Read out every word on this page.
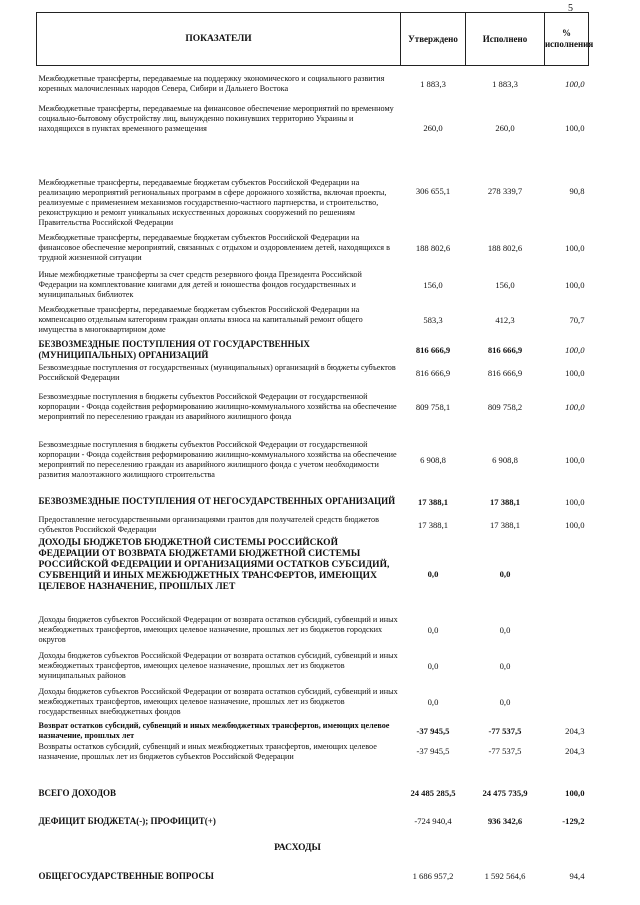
5
ПОКАЗАТЕЛИ	Утверждено	Исполнено	% исполнения
Межбюджетные трансферты, передаваемые на поддержку экономического и социального развития коренных малочисленных народов Севера, Сибири и Дальнего Востока	1 883,3	1 883,3	100,0
Межбюджетные трансферты, передаваемые на финансовое обеспечение мероприятий по временному социально-бытовому обустройству лиц, вынужденно покинувших территорию Украины и находящихся в пунктах временного размещения	260,0	260,0	100,0
Межбюджетные трансферты, передаваемые бюджетам субъектов Российской Федерации на реализацию мероприятий региональных программ в сфере дорожного хозяйства, включая проекты, реализуемые с применением механизмов государственно-частного партнерства, и строительство, реконструкцию и ремонт уникальных искусственных дорожных сооружений по решениям Правительства Российской Федерации	306 655,1	278 339,7	90,8
Межбюджетные трансферты, передаваемые бюджетам субъектов Российской Федерации на финансовое обеспечение мероприятий, связанных с отдыхом и оздоровлением детей, находящихся в трудной жизненной ситуации	188 802,6	188 802,6	100,0
Иные межбюджетные трансферты за счет средств резервного фонда Президента Российской Федерации на комплектование книгами для детей и юношества фондов государственных и муниципальных библиотек	156,0	156,0	100,0
Межбюджетные трансферты, передаваемые бюджетам субъектов Российской Федерации на компенсацию отдельным категориям граждан оплаты взноса на капитальный ремонт общего имущества в многоквартирном доме	583,3	412,3	70,7
БЕЗВОЗМЕЗДНЫЕ ПОСТУПЛЕНИЯ ОТ ГОСУДАРСТВЕННЫХ (МУНИЦИПАЛЬНЫХ) ОРГАНИЗАЦИЙ	816 666,9	816 666,9	100,0
Безвозмездные поступления от государственных (муниципальных) организаций в бюджеты субъектов Российской Федерации	816 666,9	816 666,9	100,0
Безвозмездные поступления в бюджеты субъектов Российской Федерации от государственной корпорации - Фонда содействия реформированию жилищно-коммунального хозяйства на обеспечение мероприятий по переселению граждан из аварийного жилищного фонда	809 758,1	809 758,2	100,0
Безвозмездные поступления в бюджеты субъектов Российской Федерации от государственной корпорации - Фонда содействия реформированию жилищно-коммунального хозяйства на обеспечение мероприятий по переселению граждан из аварийного жилищного фонда с учетом необходимости развития малоэтажного жилищного строительства	6 908,8	6 908,8	100,0
БЕЗВОЗМЕЗДНЫЕ ПОСТУПЛЕНИЯ ОТ НЕГОСУДАРСТВЕННЫХ ОРГАНИЗАЦИЙ	17 388,1	17 388,1	100,0
Предоставление негосударственными организациями грантов для получателей средств бюджетов субъектов Российской Федерации	17 388,1	17 388,1	100,0
ДОХОДЫ БЮДЖЕТОВ БЮДЖЕТНОЙ СИСТЕМЫ РОССИЙСКОЙ ФЕДЕРАЦИИ ОТ ВОЗВРАТА БЮДЖЕТАМИ БЮДЖЕТНОЙ СИСТЕМЫ РОССИЙСКОЙ ФЕДЕРАЦИИ И ОРГАНИЗАЦИЯМИ ОСТАТКОВ СУБСИДИЙ, СУБВЕНЦИЙ И ИНЫХ МЕЖБЮДЖЕТНЫХ ТРАНСФЕРТОВ, ИМЕЮЩИХ ЦЕЛЕВОЕ НАЗНАЧЕНИЕ, ПРОШЛЫХ ЛЕТ	0,0	0,0	
Доходы бюджетов субъектов Российской Федерации от возврата остатков субсидий, субвенций и иных межбюджетных трансфертов, имеющих целевое назначение, прошлых лет из бюджетов городских округов	0,0	0,0	
Доходы бюджетов субъектов Российской Федерации от возврата остатков субсидий, субвенций и иных межбюджетных трансфертов, имеющих целевое назначение, прошлых лет из бюджетов муниципальных районов	0,0	0,0	
Доходы бюджетов субъектов Российской Федерации от возврата остатков субсидий, субвенций и иных межбюджетных трансфертов, имеющих целевое назначение, прошлых лет из бюджетов государственных внебюджетных фондов	0,0	0,0	
Возврат остатков субсидий, субвенций и иных межбюджетных трансфертов, имеющих целевое назначение, прошлых лет	-37 945,5	-77 537,5	204,3
Возвраты остатков субсидий, субвенций и иных межбюджетных трансфертов, имеющих целевое назначение, прошлых лет из бюджетов субъектов Российской Федерации	-37 945,5	-77 537,5	204,3
ВСЕГО ДОХОДОВ	24 485 285,5	24 475 735,9	100,0
ДЕФИЦИТ БЮДЖЕТА(-); ПРОФИЦИТ(+)	-724 940,4	936 342,6	-129,2
РАСХОДЫ			
ОБЩЕГОСУДАРСТВЕННЫЕ ВОПРОСЫ	1 686 957,2	1 592 564,6	94,4
